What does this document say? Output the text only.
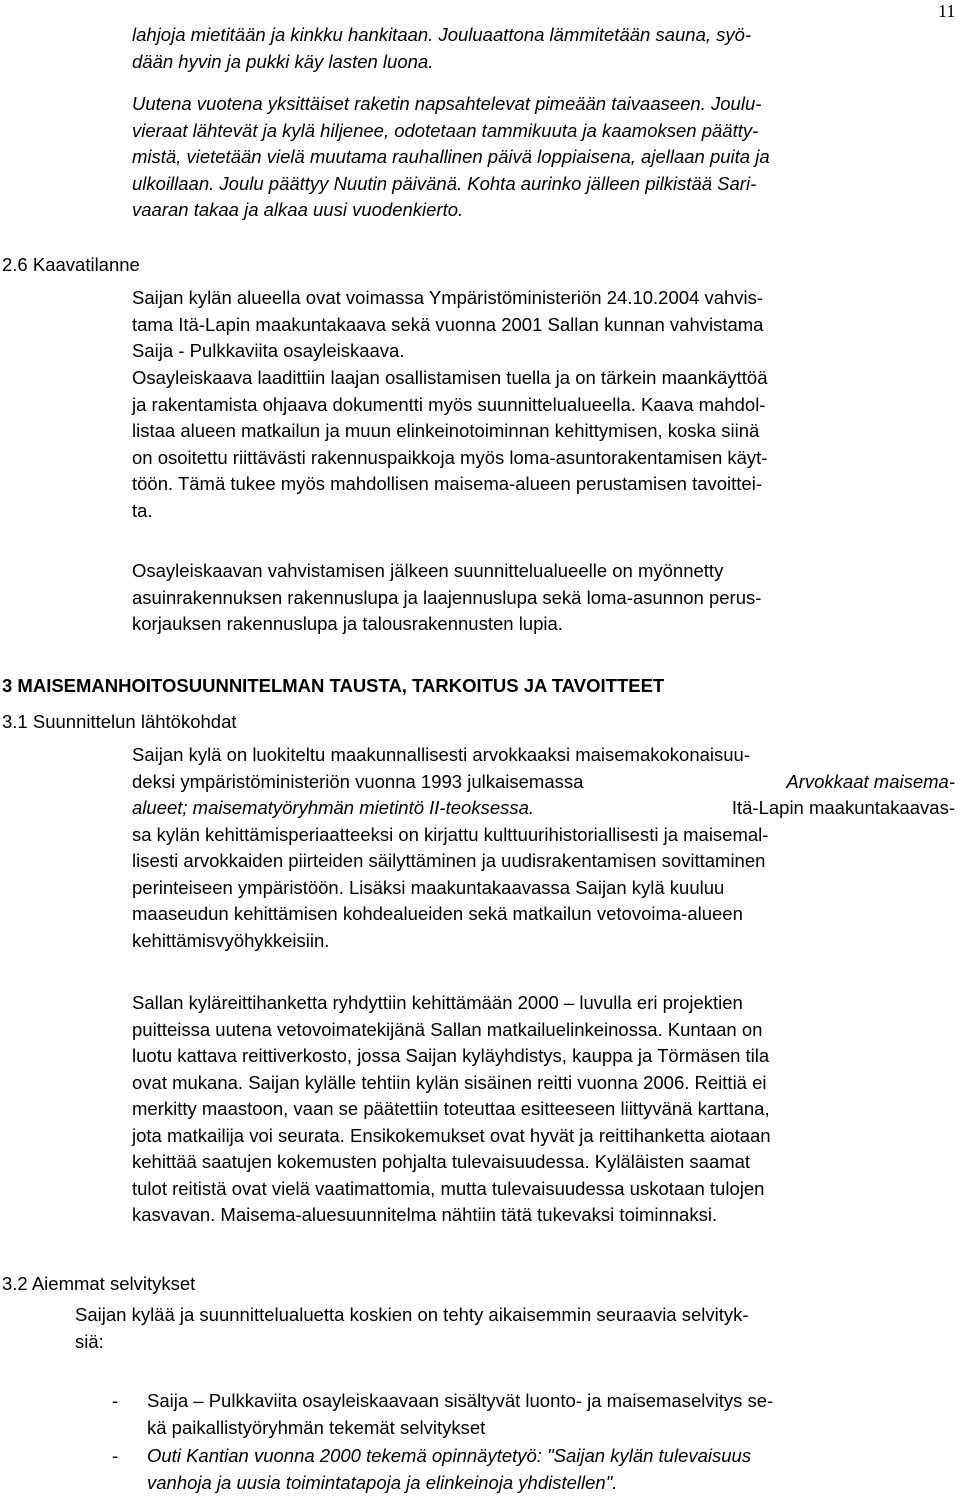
11
lahjoja mietitään ja kinkku hankitaan. Jouluaattona lämmitetään sauna, syö-
dään hyvin ja pukki käy lasten luona.
Uutena vuotena yksittäiset raketin napsahtelevat pimeään taivaaseen. Joulu-
vieraat lähtevät ja kylä hiljenee, odotetaan tammikuuta ja kaamoksen päätty-
mistä, vietetään vielä muutama rauhallinen päivä loppiaisena, ajellaan puita ja
ulkoillaan. Joulu päättyy Nuutin päivänä. Kohta aurinko jälleen pilkistää Sari-
vaaran takaa ja alkaa uusi vuodenkierto.
2.6 Kaavatilanne
Saijan kylän alueella ovat voimassa Ympäristöministeriön 24.10.2004 vahvis-
tama Itä-Lapin maakuntakaava sekä vuonna 2001 Sallan kunnan vahvistama
Saija - Pulkkaviita osayleiskaava.
Osayleiskaava laadittiin laajan osallistamisen tuella ja on tärkein maankäyttöä
ja rakentamista ohjaava dokumentti myös suunnittelualueella. Kaava mahdol-
listaa alueen matkailun ja muun elinkeinotoiminnan kehittymisen, koska siinä
on osoitettu riittävästi rakennuspaikkoja myös loma-asuntorakentamisen käyt-
töön. Tämä tukee myös mahdollisen maisema-alueen perustamisen tavoittei-
ta.
Osayleiskaavan vahvistamisen jälkeen suunnittelualueelle on myönnetty
asuinrakennuksen rakennuslupa ja laajennuslupa sekä loma-asunnon perus-
korjauksen rakennuslupa ja talousrakennusten lupia.
3 MAISEMANHOITOSUUNNITELMAN TAUSTA, TARKOITUS JA TAVOITTEET
3.1 Suunnittelun lähtökohdat
Saijan kylä on luokiteltu maakunnallisesti arvokkaaksi maisemakokonaisuu-
deksi ympäristöministeriön vuonna 1993 julkaisemassa	Arvokkaat maisema-
alueet; maisematyöryhmän mietintö II-teoksessa.	Itä-Lapin maakuntakaavas-
sa kylän kehittämisperiaatteeksi on kirjattu kulttuurihistoriallisesti ja maisemal-
lisesti arvokkaiden piirteiden säilyttäminen ja uudisrakentamisen sovittaminen
perinteiseen ympäristöön. Lisäksi maakuntakaavassa Saijan kylä kuuluu
maaseudun kehittämisen kohdealueiden sekä matkailun vetovoima-alueen
kehittämisvyöhykkeisiin.
Sallan kyläreittihanketta ryhdyttiin kehittämään 2000 – luvulla eri projektien
puitteissa uutena vetovoimatekijänä Sallan matkailuelinkeinossa. Kuntaan on
luotu kattava reittiverkosto, jossa Saijan kyläyhdistys, kauppa ja Törmäsen tila
ovat mukana. Saijan kylälle tehtiin kylän sisäinen reitti vuonna 2006. Reittiä ei
merkitty maastoon, vaan se päätettiin toteuttaa esitteeseen liittyvänä karttana,
jota matkailija voi seurata. Ensikokemukset ovat hyvät ja reittihanketta aiotaan
kehittää saatujen kokemusten pohjalta tulevaisuudessa. Kyläläisten saamat
tulot reitistä ovat vielä vaatimattomia, mutta tulevaisuudessa uskotaan tulojen
kasvavan. Maisema-aluesuunnitelma nähtiin tätä tukevaksi toiminnaksi.
3.2 Aiemmat selvitykset
Saijan kylää ja suunnittelualuetta koskien on tehty aikaisemmin seuraavia selvityk-
siä:
- Saija – Pulkkaviita osayleiskaavaan sisältyvät luonto- ja maisemaselvitys se-
kä paikallistyöryhmän tekemät selvitykset
- Outi Kantian vuonna 2000 tekemä opinnäytetyö: "Saijan kylän tulevaisuus
vanhoja ja uusia toimintatapoja ja elinkeinoja yhdistellen".
